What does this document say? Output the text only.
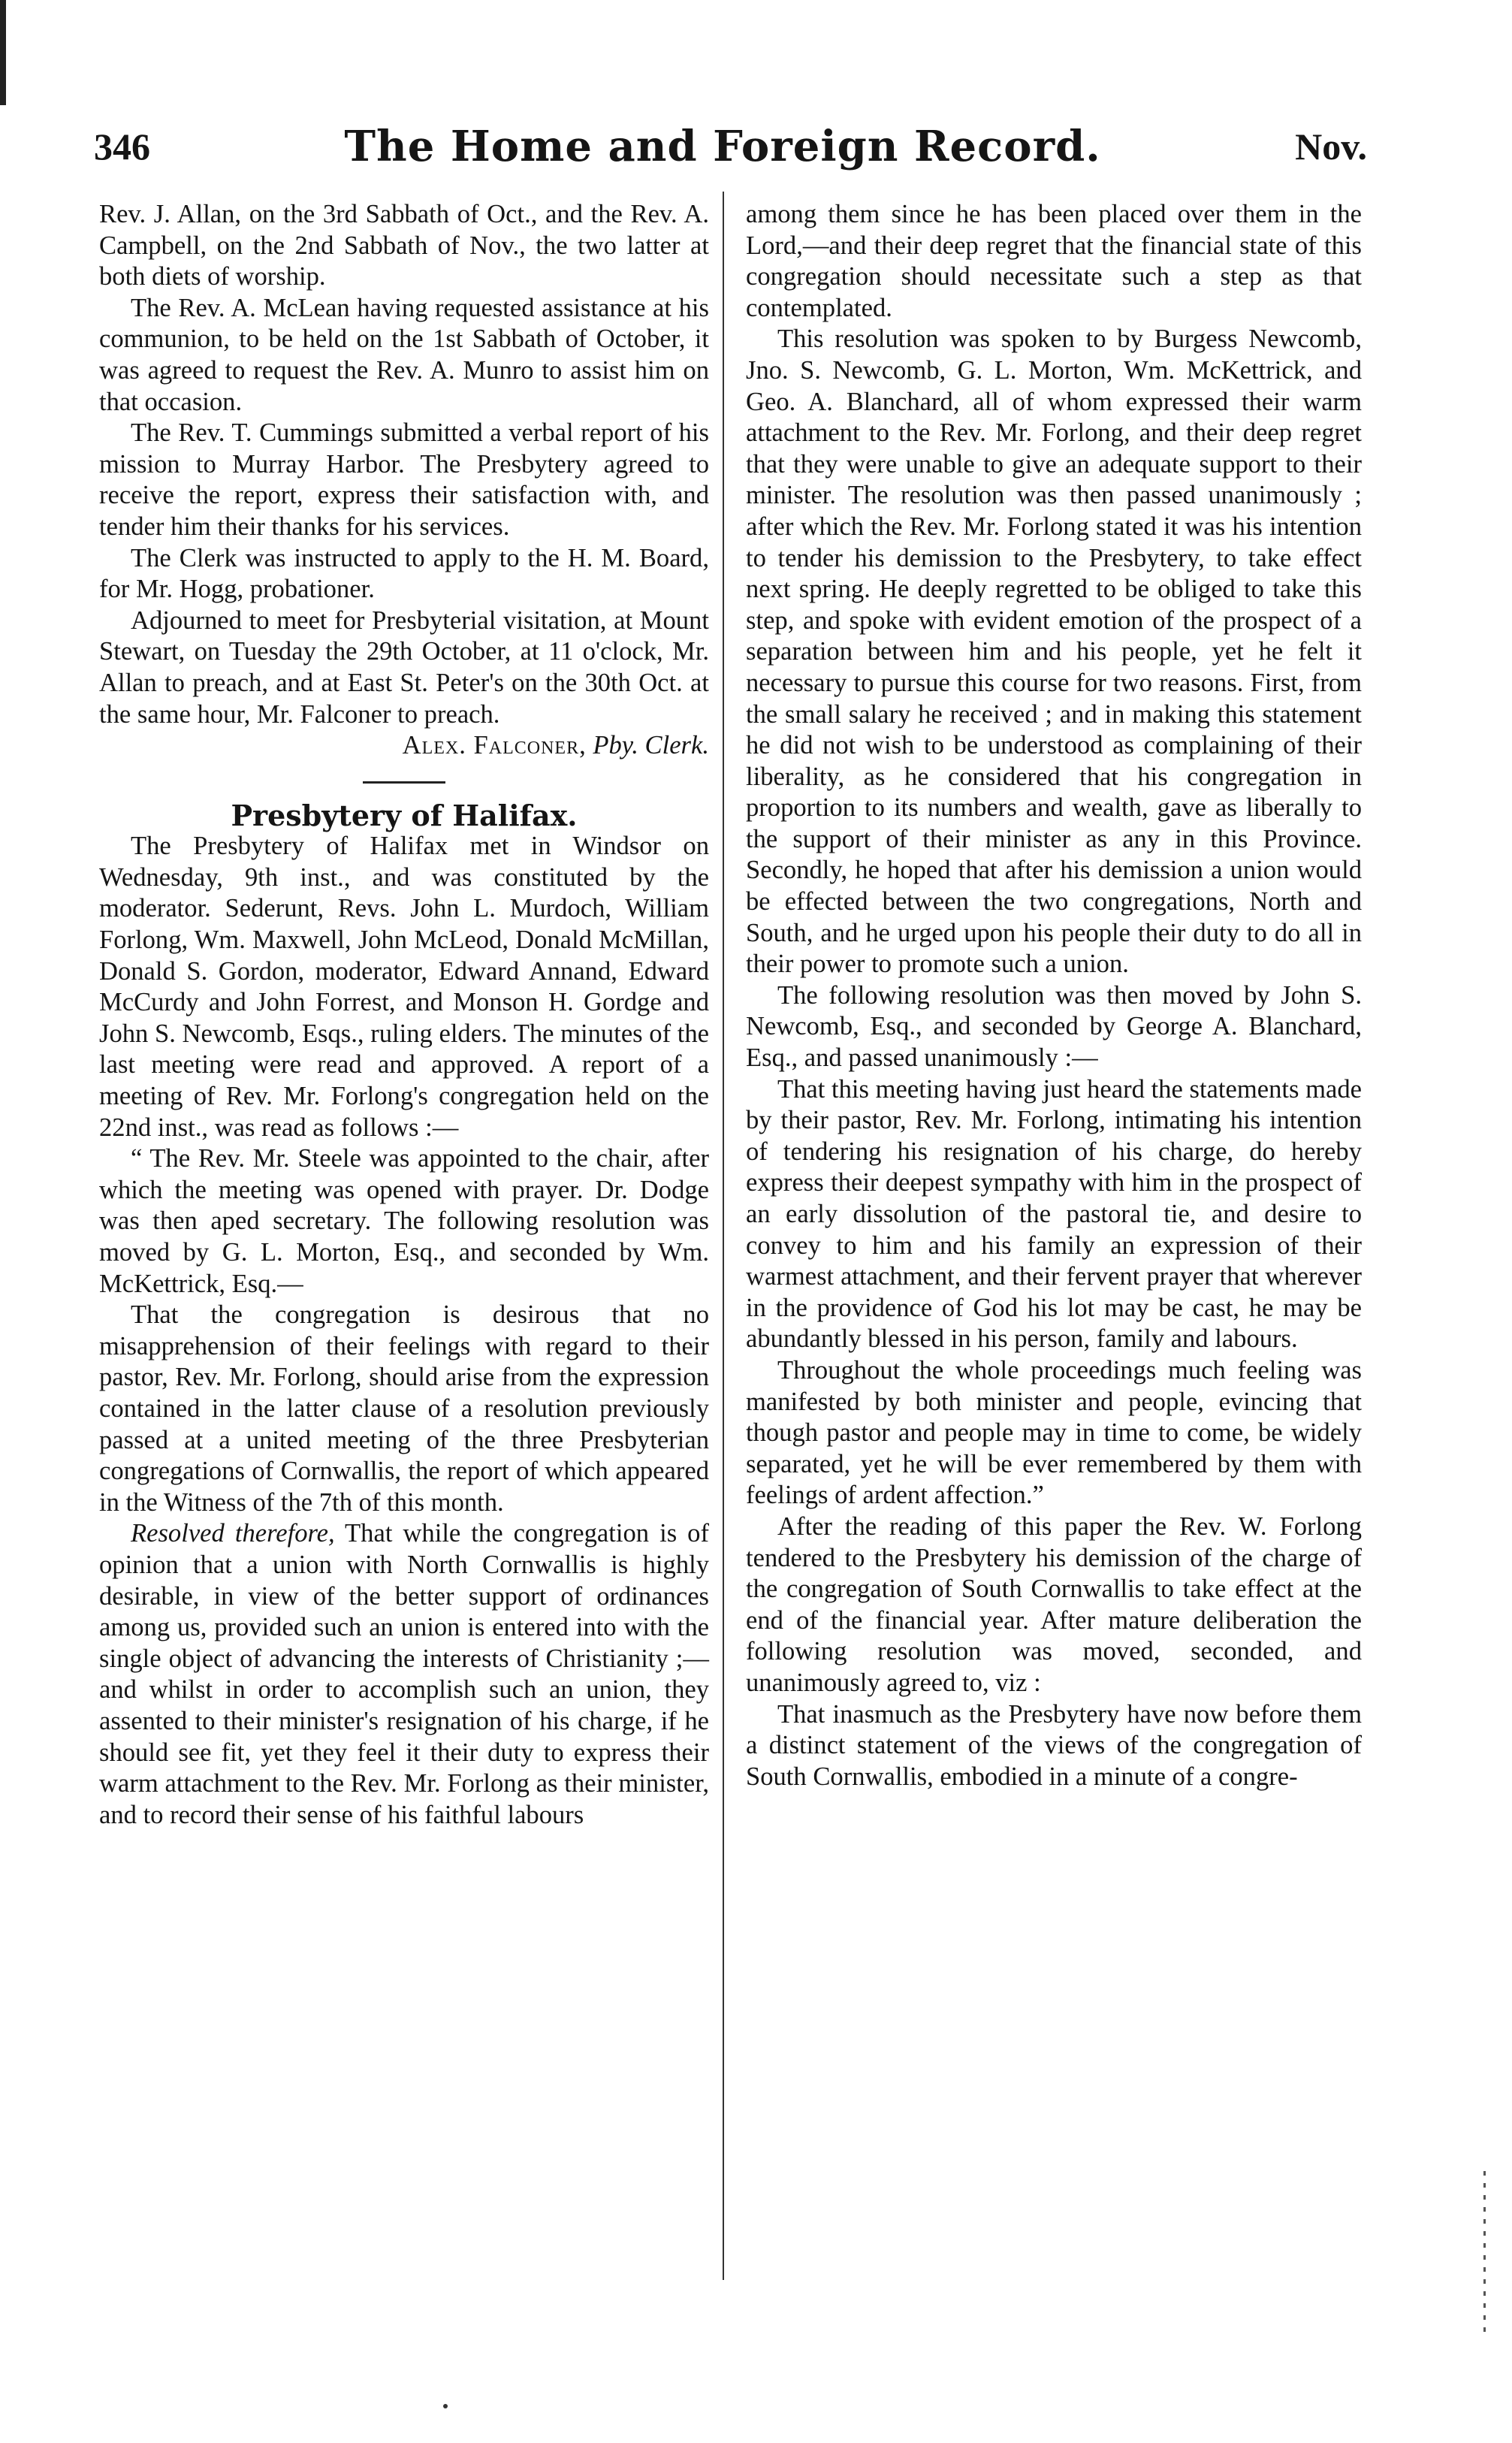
346	The Home and Foreign Record.	Nov.

Rev. J. Allan, on the 3rd Sabbath of Oct., and the Rev. A. Campbell, on the 2nd Sabbath of Nov., the two latter at both diets of worship.

The Rev. A. McLean having requested assistance at his communion, to be held on the 1st Sabbath of October, it was agreed to request the Rev. A. Munro to assist him on that occasion.

The Rev. T. Cummings submitted a verbal report of his mission to Murray Harbor. The Presbytery agreed to receive the report, express their satisfaction with, and tender him their thanks for his services.

The Clerk was instructed to apply to the H. M. Board, for Mr. Hogg, probationer.

Adjourned to meet for Presbyterial visitation, at Mount Stewart, on Tuesday the 29th October, at 11 o'clock, Mr. Allan to preach, and at East St. Peter's on the 30th Oct. at the same hour, Mr. Falconer to preach.

Alex. Falconer, Pby. Clerk.

Presbytery of Halifax.

The Presbytery of Halifax met in Windsor on Wednesday, 9th inst., and was constituted by the moderator. Sederunt, Revs. John L. Murdoch, William Forlong, Wm. Maxwell, John McLeod, Donald McMillan, Donald S. Gordon, moderator, Edward Annand, Edward McCurdy and John Forrest, and Monson H. Gordge and John S. Newcomb, Esqs., ruling elders. The minutes of the last meeting were read and approved. A report of a meeting of Rev. Mr. Forlong's congregation held on the 22nd inst., was read as follows :—

“ The Rev. Mr. Steele was appointed to the chair, after which the meeting was opened with prayer. Dr. Dodge was then aped secretary. The following resolution was moved by G. L. Morton, Esq., and seconded by Wm. McKettrick, Esq.—

That the congregation is desirous that no misapprehension of their feelings with regard to their pastor, Rev. Mr. Forlong, should arise from the expression contained in the latter clause of a resolution previously passed at a united meeting of the three Presbyterian congregations of Cornwallis, the report of which appeared in the Witness of the 7th of this month.

Resolved therefore, That while the congregation is of opinion that a union with North Cornwallis is highly desirable, in view of the better support of ordinances among us, provided such an union is entered into with the single object of advancing the interests of Christianity ;—and whilst in order to accomplish such an union, they assented to their minister's resignation of his charge, if he should see fit, yet they feel it their duty to express their warm attachment to the Rev. Mr. Forlong as their minister, and to record their sense of his faithful labours

among them since he has been placed over them in the Lord,—and their deep regret that the financial state of this congregation should necessitate such a step as that contemplated.

This resolution was spoken to by Burgess Newcomb, Jno. S. Newcomb, G. L. Morton, Wm. McKettrick, and Geo. A. Blanchard, all of whom expressed their warm attachment to the Rev. Mr. Forlong, and their deep regret that they were unable to give an adequate support to their minister. The resolution was then passed unanimously ; after which the Rev. Mr. Forlong stated it was his intention to tender his demission to the Presbytery, to take effect next spring. He deeply regretted to be obliged to take this step, and spoke with evident emotion of the prospect of a separation between him and his people, yet he felt it necessary to pursue this course for two reasons. First, from the small salary he received ; and in making this statement he did not wish to be understood as complaining of their liberality, as he considered that his congregation in proportion to its numbers and wealth, gave as liberally to the support of their minister as any in this Province. Secondly, he hoped that after his demission a union would be effected between the two congregations, North and South, and he urged upon his people their duty to do all in their power to promote such a union.

The following resolution was then moved by John S. Newcomb, Esq., and seconded by George A. Blanchard, Esq., and passed unanimously :—

That this meeting having just heard the statements made by their pastor, Rev. Mr. Forlong, intimating his intention of tendering his resignation of his charge, do hereby express their deepest sympathy with him in the prospect of an early dissolution of the pastoral tie, and desire to convey to him and his family an expression of their warmest attachment, and their fervent prayer that wherever in the providence of God his lot may be cast, he may be abundantly blessed in his person, family and labours.

Throughout the whole proceedings much feeling was manifested by both minister and people, evincing that though pastor and people may in time to come, be widely separated, yet he will be ever remembered by them with feelings of ardent affection.”

After the reading of this paper the Rev. W. Forlong tendered to the Presbytery his demission of the charge of the congregation of South Cornwallis to take effect at the end of the financial year. After mature deliberation the following resolution was moved, seconded, and unanimously agreed to, viz :

That inasmuch as the Presbytery have now before them a distinct statement of the views of the congregation of South Cornwallis, embodied in a minute of a congre-
